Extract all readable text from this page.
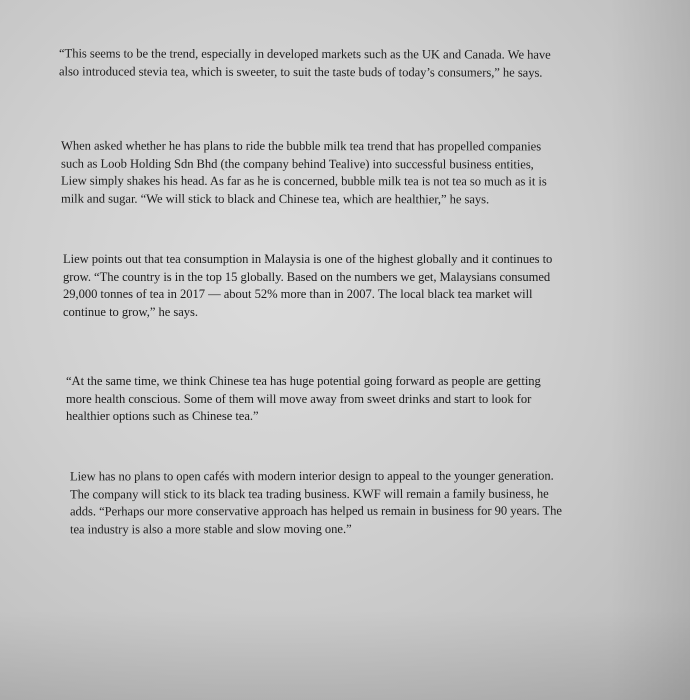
“This seems to be the trend, especially in developed markets such as the UK and Canada. We have
also introduced stevia tea, which is sweeter, to suit the taste buds of today’s consumers,” he says.

When asked whether he has plans to ride the bubble milk tea trend that has propelled companies
such as Loob Holding Sdn Bhd (the company behind Tealive) into successful business entities,
Liew simply shakes his head. As far as he is concerned, bubble milk tea is not tea so much as it is
milk and sugar. “We will stick to black and Chinese tea, which are healthier,” he says.

Liew points out that tea consumption in Malaysia is one of the highest globally and it continues to
grow. “The country is in the top 15 globally. Based on the numbers we get, Malaysians consumed
29,000 tonnes of tea in 2017 — about 52% more than in 2007. The local black tea market will
continue to grow,” he says.

“At the same time, we think Chinese tea has huge potential going forward as people are getting
more health conscious. Some of them will move away from sweet drinks and start to look for
healthier options such as Chinese tea.”

Liew has no plans to open cafés with modern interior design to appeal to the younger generation.
The company will stick to its black tea trading business. KWF will remain a family business, he
adds. “Perhaps our more conservative approach has helped us remain in business for 90 years. The
tea industry is also a more stable and slow moving one.”
